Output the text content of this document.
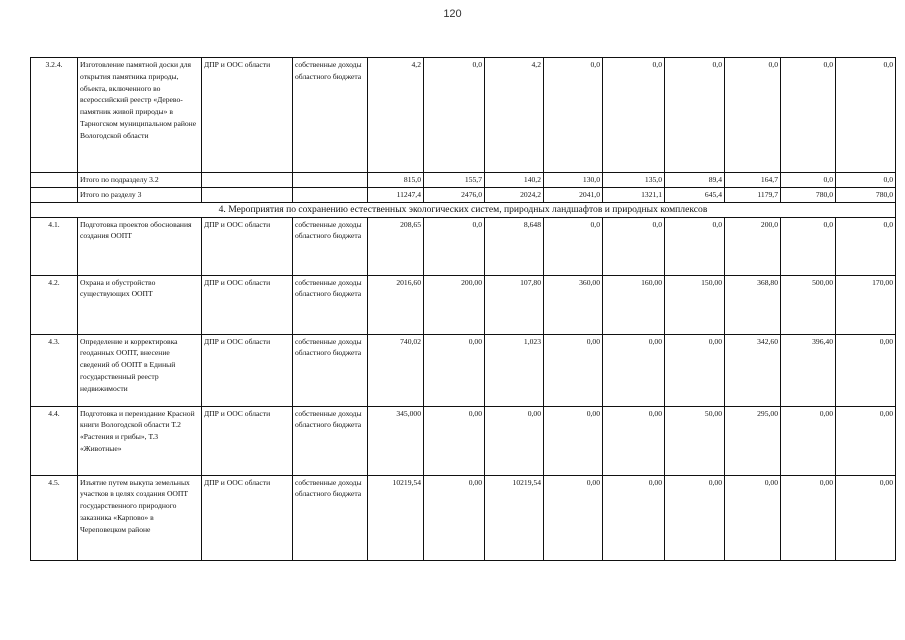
120
3.2.4.	Изготовление памятной доски для открытия памятника природы, объекта, включенного во всероссийский реестр «Дерево-памятник живой природы» в Тарногском муниципальном районе Вологодской области	ДПР и ООС области	собственные доходы областного бюджета	4,2	0,0	4,2	0,0	0,0	0,0	0,0	0,0	0,0
	Итого по подразделу 3.2			815,0	155,7	140,2	130,0	135,0	89,4	164,7	0,0	0,0
	Итого по разделу 3			11247,4	2476,0	2024,2	2041,0	1321,1	645,4	1179,7	780,0	780,0
4. Мероприятия по сохранению естественных экологических систем, природных ландшафтов и природных комплексов												
4.1.	Подготовка проектов обоснования создания ООПТ	ДПР и ООС области	собственные доходы областного бюджета	208,65	0,0	8,648	0,0	0,0	0,0	200,0	0,0	0,0
4.2.	Охрана и обустройство существующих ООПТ	ДПР и ООС области	собственные доходы областного бюджета	2016,60	200,00	107,80	360,00	160,00	150,00	368,80	500,00	170,00
4.3.	Определение и корректировка геоданных ООПТ, внесение сведений об ООПТ в Единый государственный реестр недвижимости	ДПР и ООС области	собственные доходы областного бюджета	740,02	0,00	1,023	0,00	0,00	0,00	342,60	396,40	0,00
4.4.	Подготовка и переиздание Красной книги Вологодской области Т.2 «Растения и грибы», Т.3 «Животные»	ДПР и ООС области	собственные доходы областного бюджета	345,000	0,00	0,00	0,00	0,00	50,00	295,00	0,00	0,00
4.5.	Изъятие путем выкупа земельных участков в целях создания ООПТ государственного природного заказника «Карпово» в Череповецком районе	ДПР и ООС области	собственные доходы областного бюджета	10219,54	0,00	10219,54	0,00	0,00	0,00	0,00	0,00	0,00
